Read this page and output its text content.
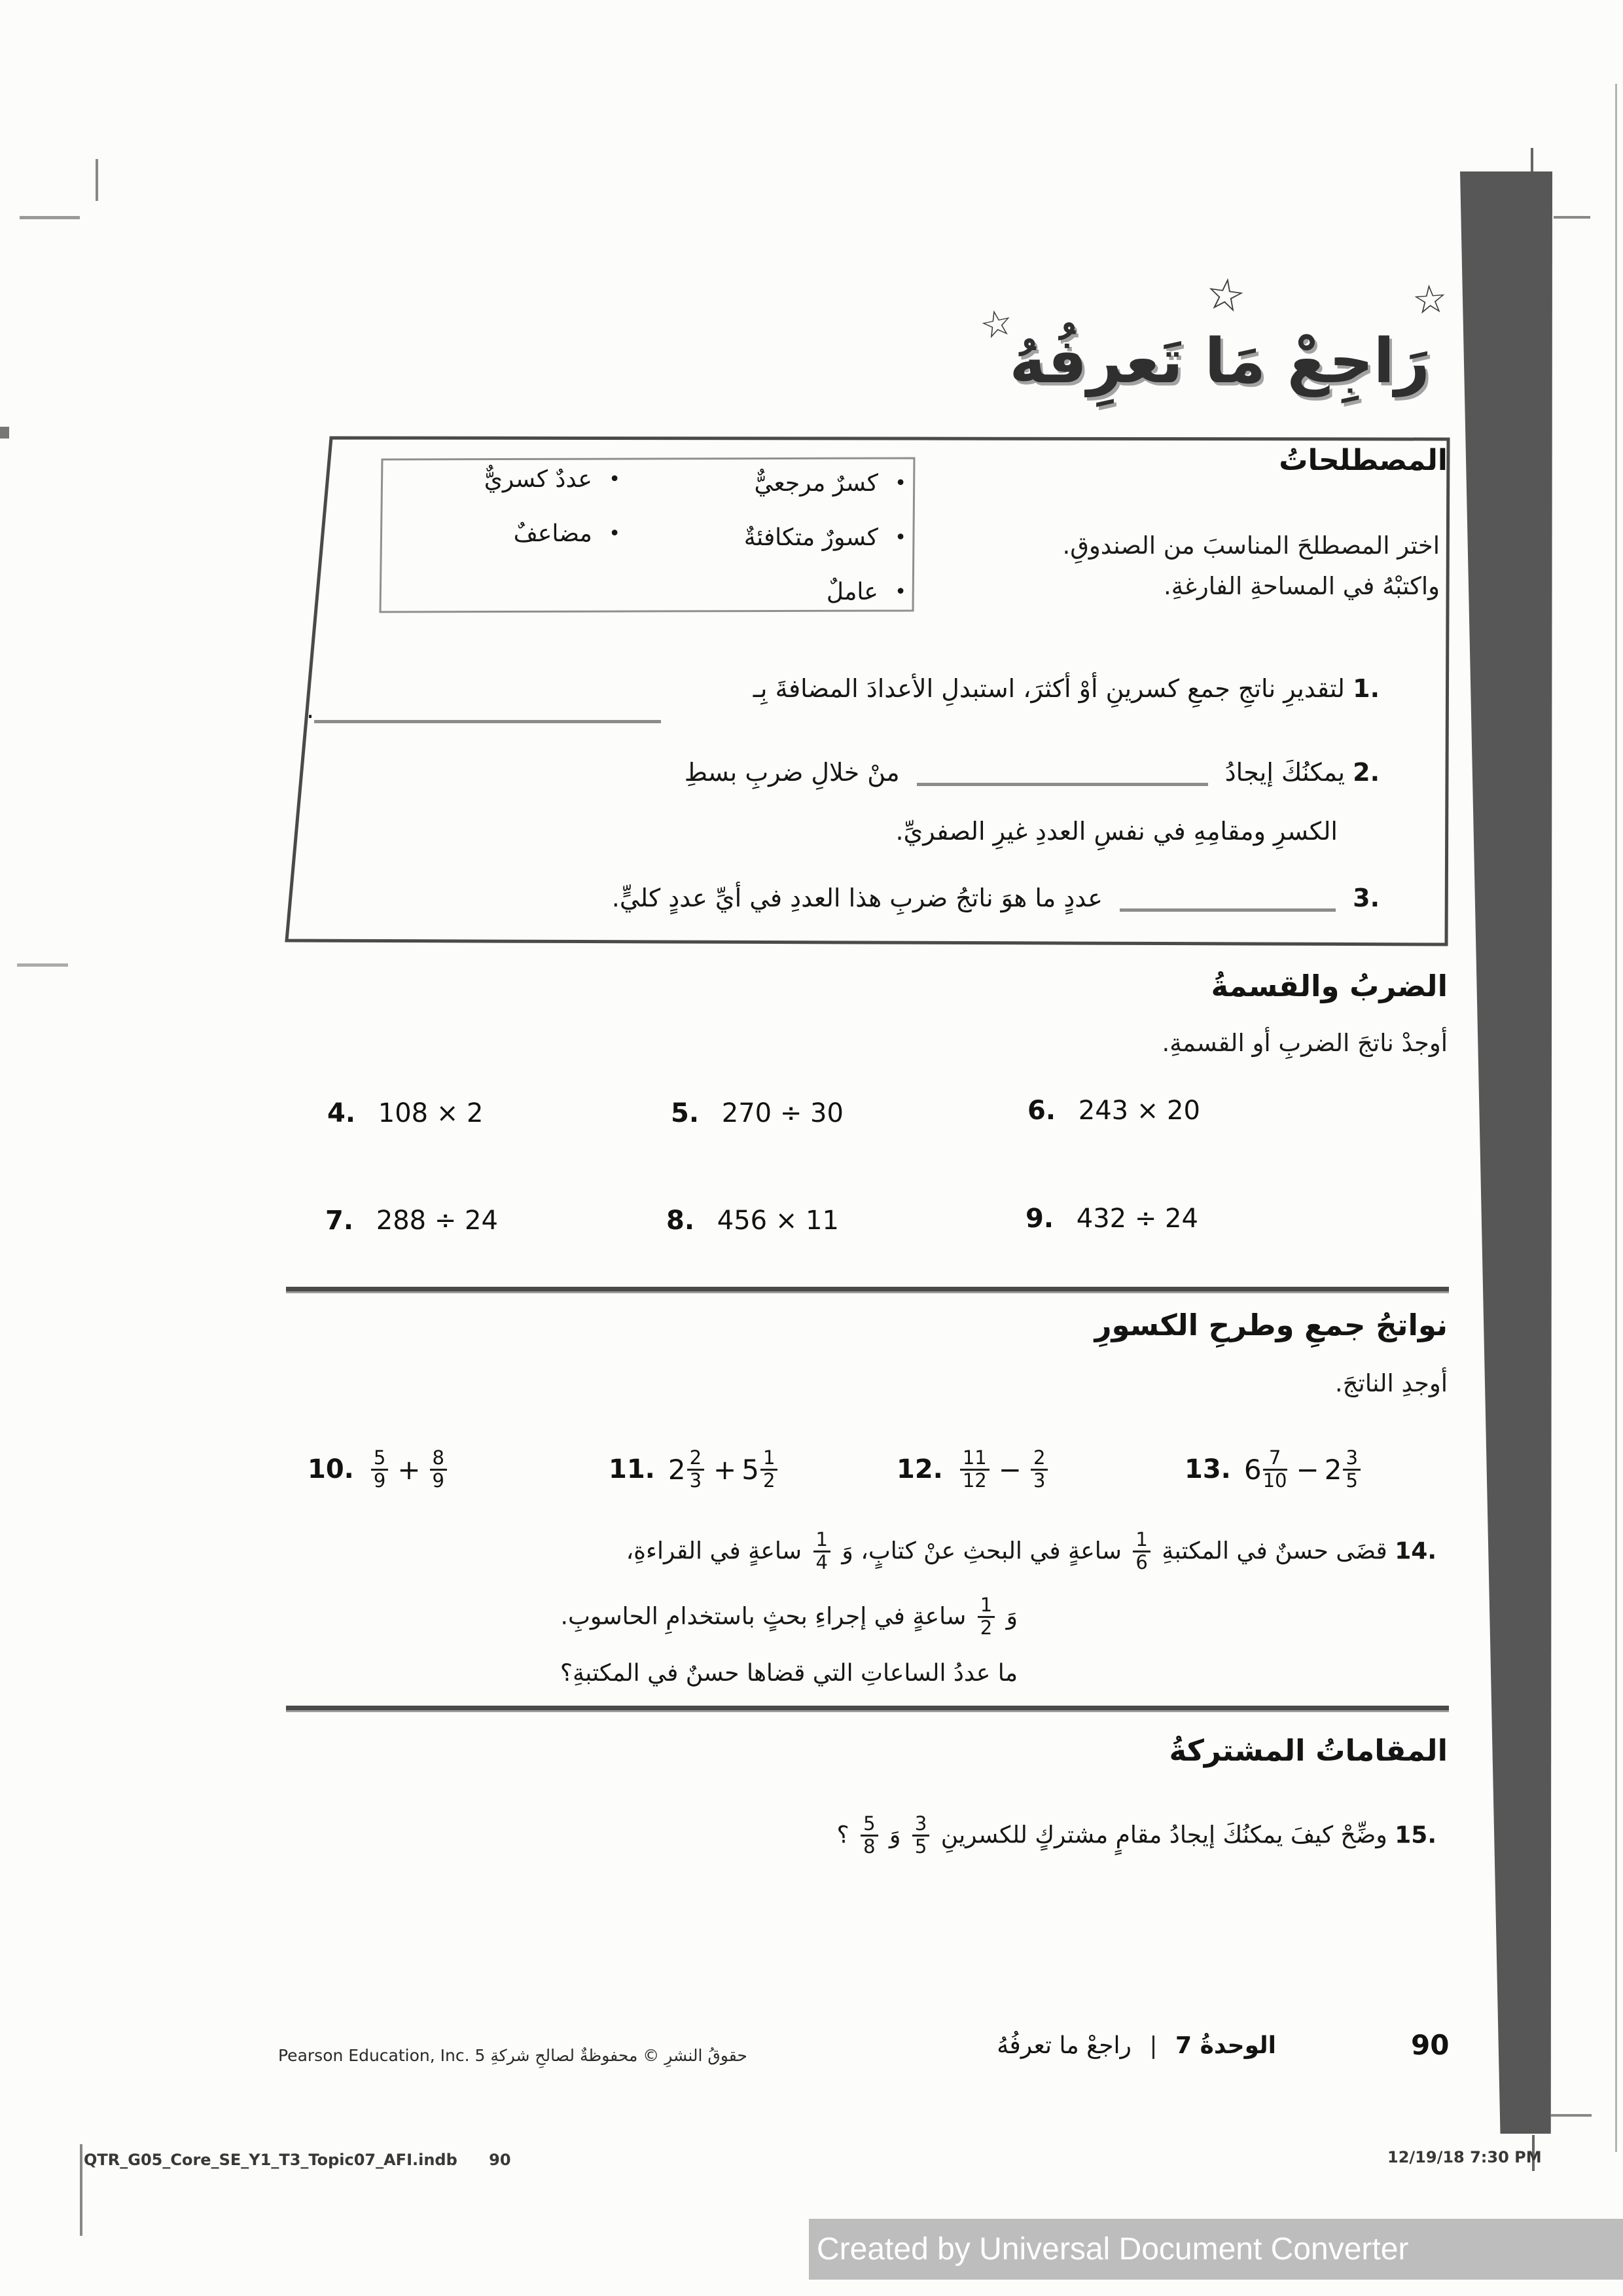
☆
☆	☆
رَاجِعْ مَا تَعرِفُهُ
المصطلحاتُ
اختر المصطلحَ المناسبَ من الصندوقِ.
واكتبْهُ في المساحةِ الفارغةِ.
• كسرٌ مرجعيٌّ
• كسورٌ متكافئةٌ
• عاملٌ
• عددٌ كسريٌّ
• مضاعفٌ
.1 لتقديرِ ناتجِ جمعِ كسرينِ أوْ أكثرَ، استبدلِ الأعدادَ المضافةَ بِـ
.
.2 يمكنُكَ إيجادُ  منْ خلالِ ضربِ بسطِ
الكسرِ ومقامِهِ في نفسِ العددِ غيرِ الصفريِّ.
.3  عددٍ ما هوَ ناتجُ ضربِ هذا العددِ في أيِّ عددٍ كليٍّ.
الضربُ والقسمةُ
أوجدْ ناتجَ الضربِ أو القسمةِ.
4. 108 × 2	5. 270 ÷ 30	6. 243 × 20
7. 288 ÷ 24	8. 456 × 11	9. 432 ÷ 24
نواتجُ جمعِ وطرحِ الكسورِ
أوجدِ الناتجَ.
10. $\frac{5}{9} + \frac{8}{9}$	11. $2 \frac{2}{3} + 5 \frac{1}{2}$	12. $\frac{11}{12} - \frac{2}{3}$	13. $6 \frac{7}{10} - 2 \frac{3}{5}$
.14 قضَى حسنٌ في المكتبةِ
$\frac{1}{6}$
ساعةٍ في البحثِ عنْ كتابٍ، وَ
$\frac{1}{4}$
ساعةٍ في القراءةِ،
وَ
$\frac{1}{2}$
ساعةٍ في إجراءِ بحثٍ باستخدامِ الحاسوبِ.
ما عددُ الساعاتِ التي قضاها حسنٌ في المكتبةِ؟
المقاماتُ المشتركةُ
.15 وضِّحْ كيفَ يمكنُكَ إيجادُ مقامٍ مشتركٍ للكسرينِ
$\frac{3}{5}$
وَ
$\frac{5}{8}$
؟
الوحدةُ 7 | راجعْ ما تعرفُهُ	90
حقوقُ النشرِ © محفوظةٌ لصالحِ شركةِ Pearson Education, Inc. 5
QTR_G05_Core_SE_Y1_T3_Topic07_AFI.indb 90	12/19/18 7:30 PM
Created by Universal Document Converter
